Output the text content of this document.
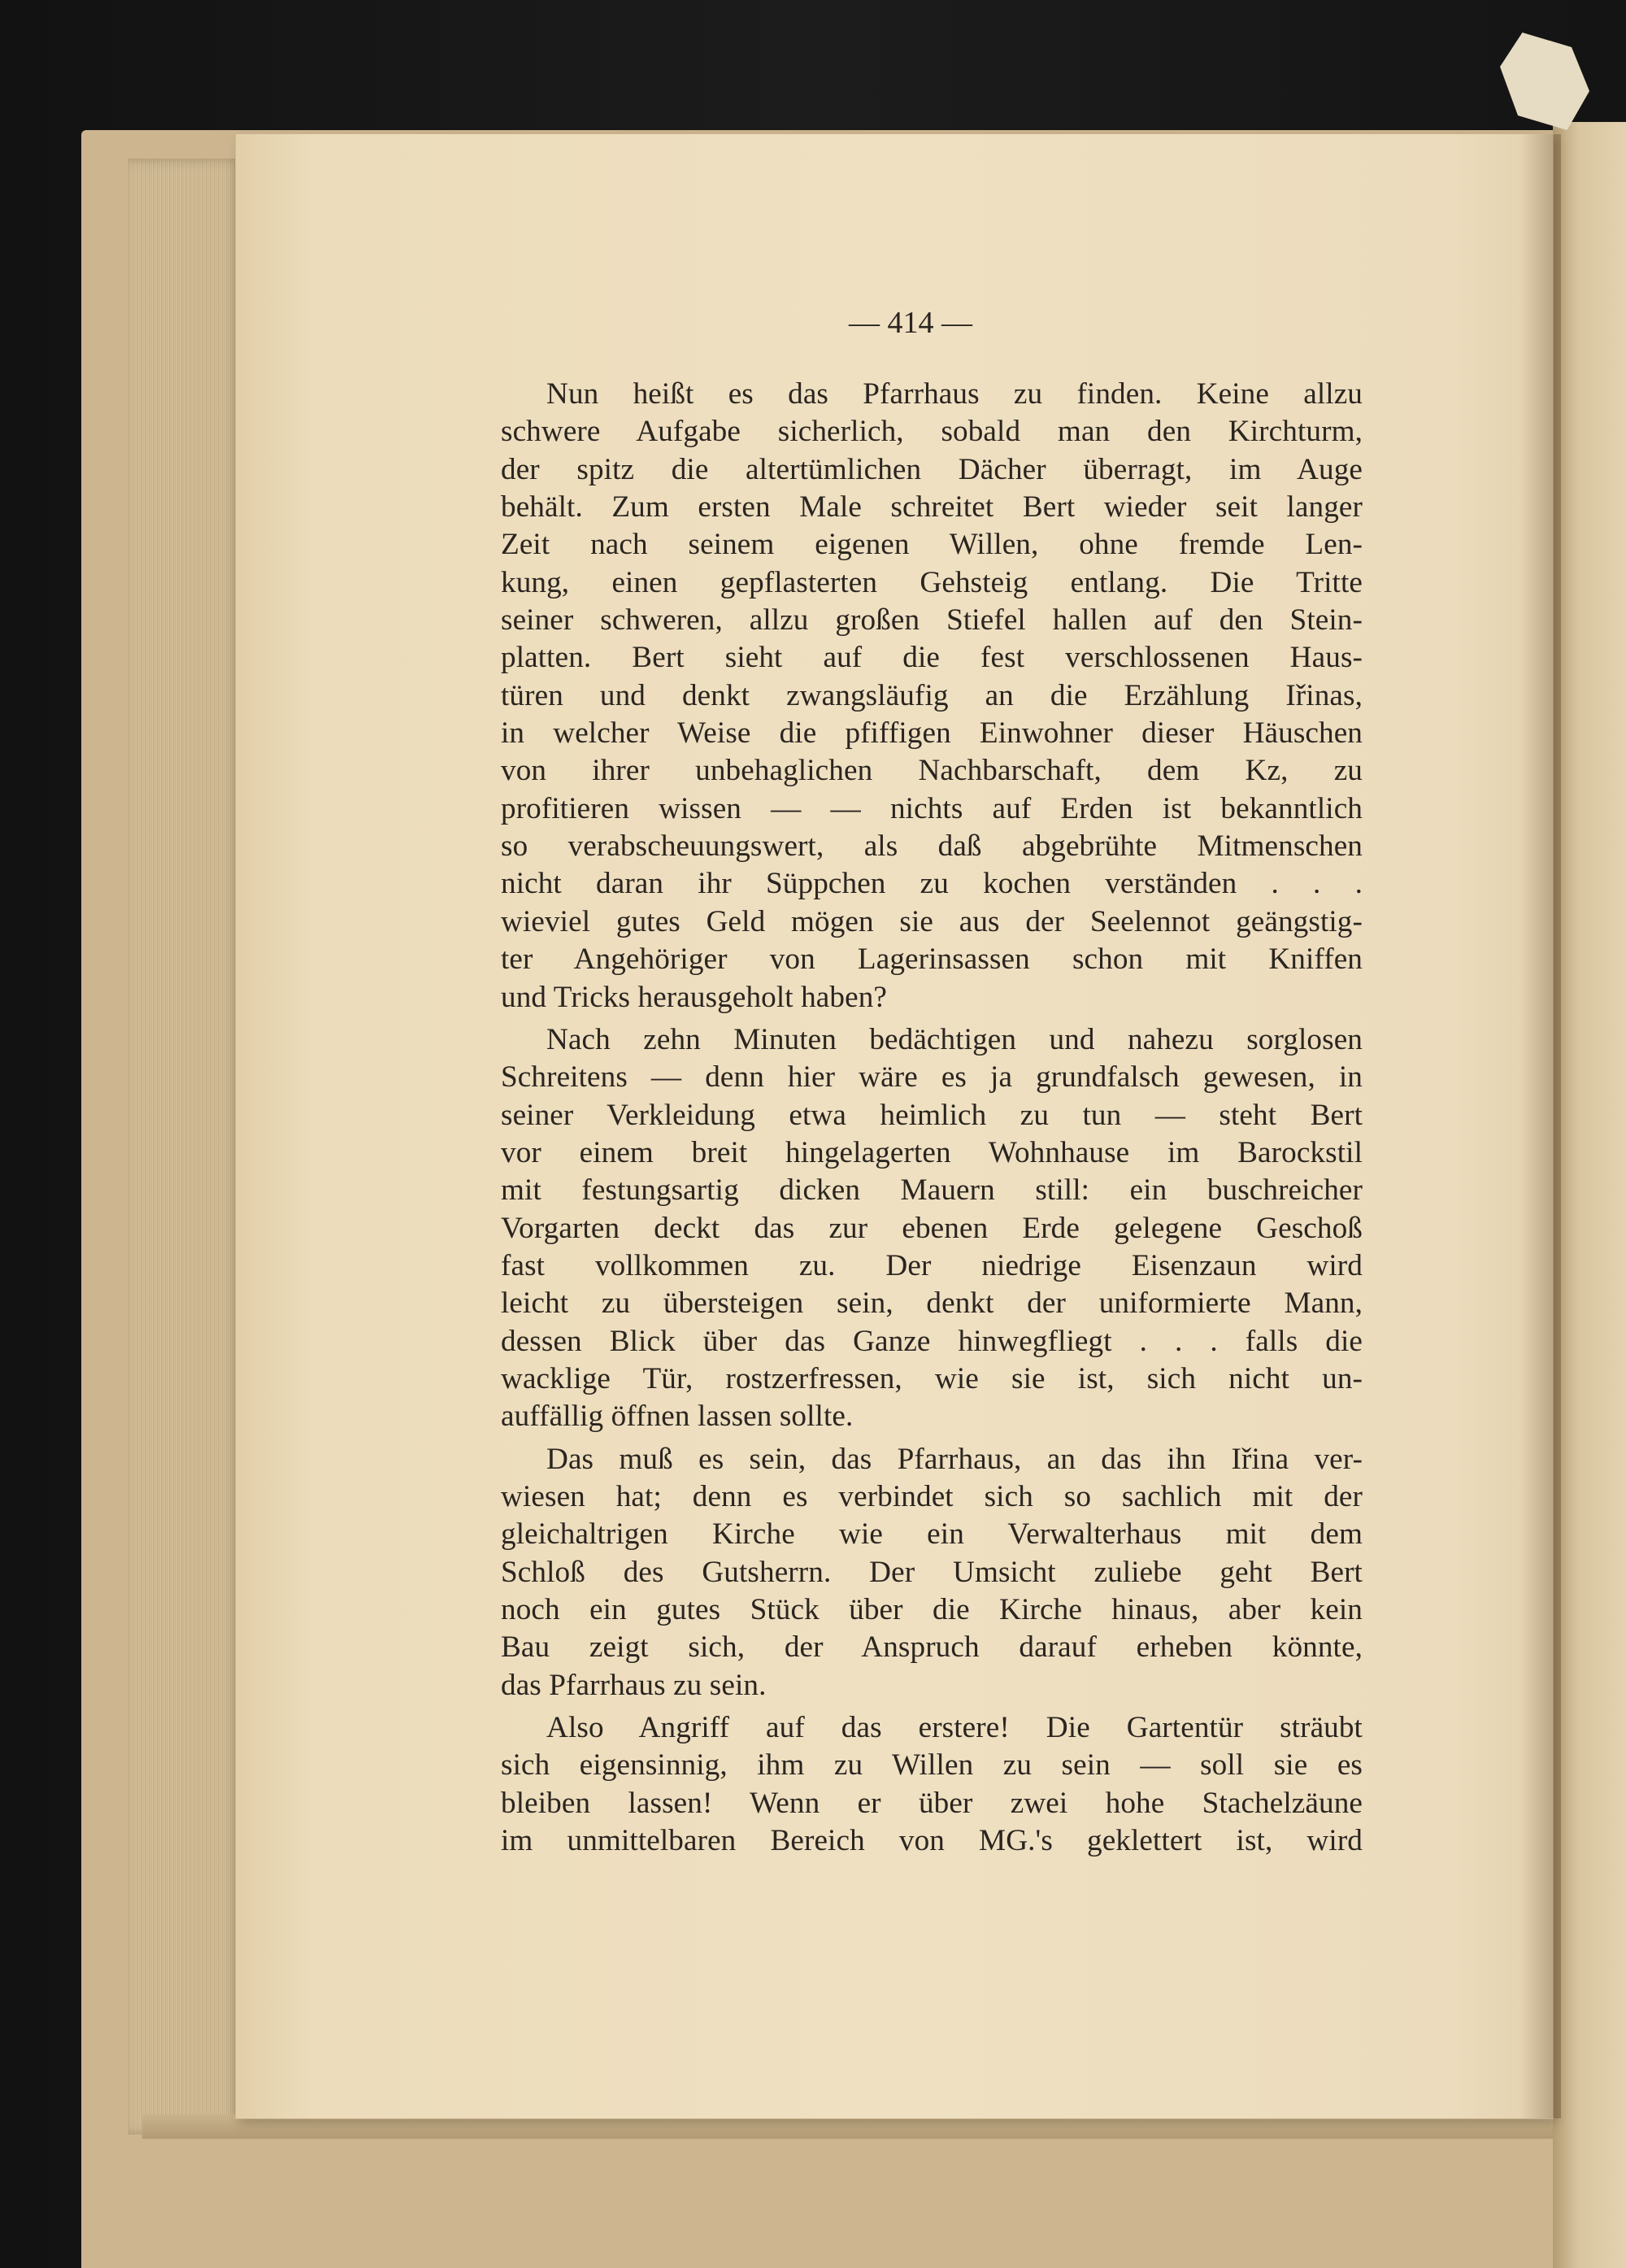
— 414 —
Nun heißt es das Pfarrhaus zu finden. Keine allzu
schwere Aufgabe sicherlich, sobald man den Kirchturm,
der spitz die altertümlichen Dächer überragt, im Auge
behält. Zum ersten Male schreitet Bert wieder seit langer
Zeit nach seinem eigenen Willen, ohne fremde Len-
kung, einen gepflasterten Gehsteig entlang. Die Tritte
seiner schweren, allzu großen Stiefel hallen auf den Stein-
platten. Bert sieht auf die fest verschlossenen Haus-
türen und denkt zwangsläufig an die Erzählung Iřinas,
in welcher Weise die pfiffigen Einwohner dieser Häuschen
von ihrer unbehaglichen Nachbarschaft, dem Kz, zu
profitieren wissen — — nichts auf Erden ist bekanntlich
so verabscheuungswert, als daß abgebrühte Mitmenschen
nicht daran ihr Süppchen zu kochen verständen . . .
wieviel gutes Geld mögen sie aus der Seelennot geängstig-
ter Angehöriger von Lagerinsassen schon mit Kniffen
und Tricks herausgeholt haben?
Nach zehn Minuten bedächtigen und nahezu sorglosen
Schreitens — denn hier wäre es ja grundfalsch gewesen, in
seiner Verkleidung etwa heimlich zu tun — steht Bert
vor einem breit hingelagerten Wohnhause im Barockstil
mit festungsartig dicken Mauern still: ein buschreicher
Vorgarten deckt das zur ebenen Erde gelegene Geschoß
fast vollkommen zu. Der niedrige Eisenzaun wird
leicht zu übersteigen sein, denkt der uniformierte Mann,
dessen Blick über das Ganze hinwegfliegt . . . falls die
wacklige Tür, rostzerfressen, wie sie ist, sich nicht un-
auffällig öffnen lassen sollte.
Das muß es sein, das Pfarrhaus, an das ihn Iřina ver-
wiesen hat; denn es verbindet sich so sachlich mit der
gleichaltrigen Kirche wie ein Verwalterhaus mit dem
Schloß des Gutsherrn. Der Umsicht zuliebe geht Bert
noch ein gutes Stück über die Kirche hinaus, aber kein
Bau zeigt sich, der Anspruch darauf erheben könnte,
das Pfarrhaus zu sein.
Also Angriff auf das erstere! Die Gartentür sträubt
sich eigensinnig, ihm zu Willen zu sein — soll sie es
bleiben lassen! Wenn er über zwei hohe Stachelzäune
im unmittelbaren Bereich von MG.'s geklettert ist, wird
